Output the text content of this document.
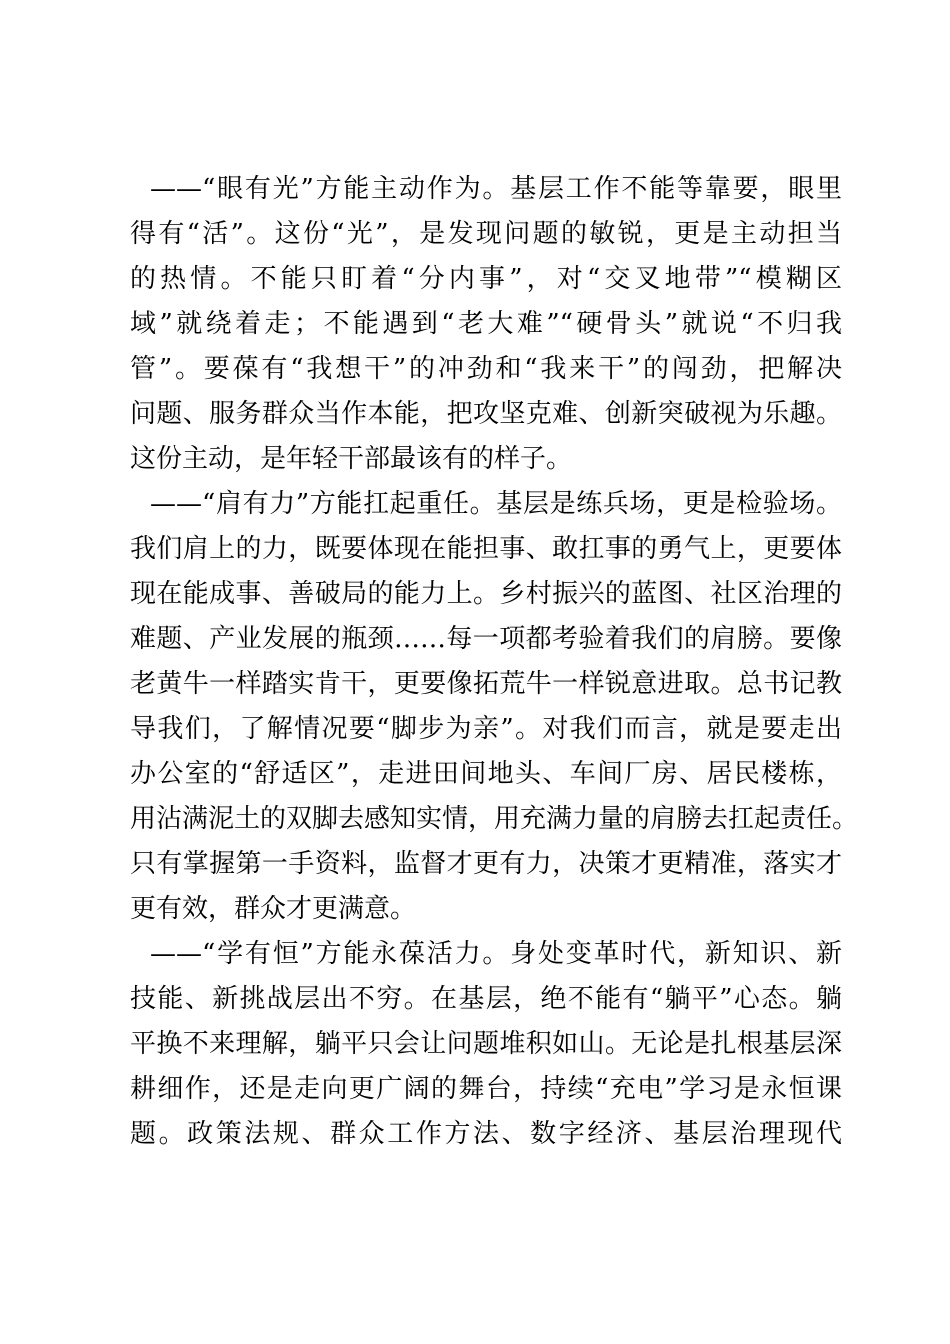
——“眼有光”方能主动作为。基层工作不能等靠要，眼里
得有“活”。这份“光”，是发现问题的敏锐，更是主动担当
的热情。不能只盯着“分内事”，对“交叉地带”“模糊区
域”就绕着走；不能遇到“老大难”“硬骨头”就说“不归我
管”。要葆有“我想干”的冲劲和“我来干”的闯劲，把解决
问题、服务群众当作本能，把攻坚克难、创新突破视为乐趣。
这份主动，是年轻干部最该有的样子。
——“肩有力”方能扛起重任。基层是练兵场，更是检验场。
我们肩上的力，既要体现在能担事、敢扛事的勇气上，更要体
现在能成事、善破局的能力上。乡村振兴的蓝图、社区治理的
难题、产业发展的瓶颈……每一项都考验着我们的肩膀。要像
老黄牛一样踏实肯干，更要像拓荒牛一样锐意进取。总书记教
导我们，了解情况要“脚步为亲”。对我们而言，就是要走出
办公室的“舒适区”，走进田间地头、车间厂房、居民楼栋，
用沾满泥土的双脚去感知实情，用充满力量的肩膀去扛起责任。
只有掌握第一手资料，监督才更有力，决策才更精准，落实才
更有效，群众才更满意。
——“学有恒”方能永葆活力。身处变革时代，新知识、新
技能、新挑战层出不穷。在基层，绝不能有“躺平”心态。躺
平换不来理解，躺平只会让问题堆积如山。无论是扎根基层深
耕细作，还是走向更广阔的舞台，持续“充电”学习是永恒课
题。政策法规、群众工作方法、数字经济、基层治理现代
